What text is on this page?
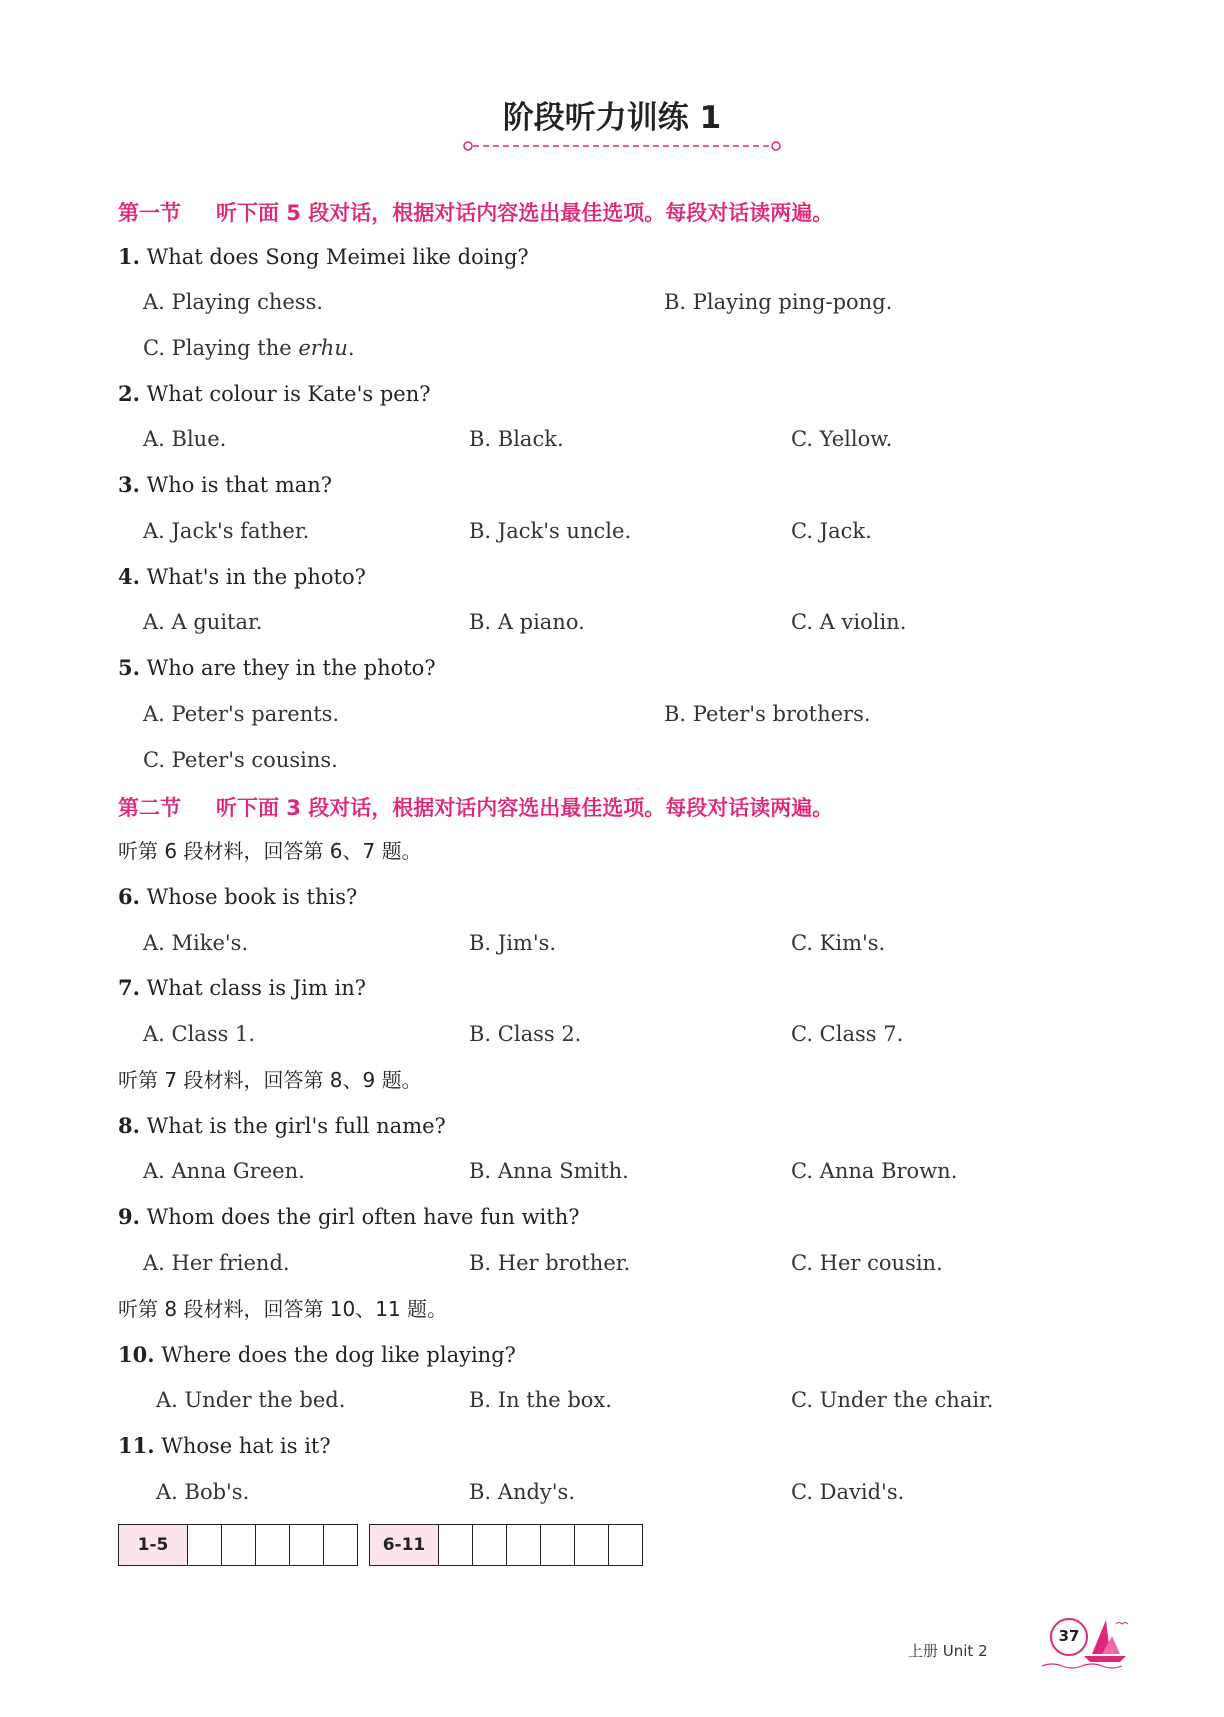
阶段听力训练 1
第一节 听下面 5 段对话，根据对话内容选出最佳选项。每段对话读两遍。
1. What does Song Meimei like doing?
A. Playing chess.	B. Playing ping-pong.
C. Playing the erhu.
2. What colour is Kate's pen?
A. Blue.	B. Black.	C. Yellow.
3. Who is that man?
A. Jack's father.	B. Jack's uncle.	C. Jack.
4. What's in the photo?
A. A guitar.	B. A piano.	C. A violin.
5. Who are they in the photo?
A. Peter's parents.	B. Peter's brothers.
C. Peter's cousins.
第二节 听下面 3 段对话，根据对话内容选出最佳选项。每段对话读两遍。
听第 6 段材料，回答第 6、7 题。
6. Whose book is this?
A. Mike's.	B. Jim's.	C. Kim's.
7. What class is Jim in?
A. Class 1.	B. Class 2.	C. Class 7.
听第 7 段材料，回答第 8、9 题。
8. What is the girl's full name?
A. Anna Green.	B. Anna Smith.	C. Anna Brown.
9. Whom does the girl often have fun with?
A. Her friend.	B. Her brother.	C. Her cousin.
听第 8 段材料，回答第 10、11 题。
10. Where does the dog like playing?
A. Under the bed.	B. In the box.	C. Under the chair.
11. Whose hat is it?
A. Bob's.	B. Andy's.	C. David's.
1-5						6-11						
上册 Unit 2
37
